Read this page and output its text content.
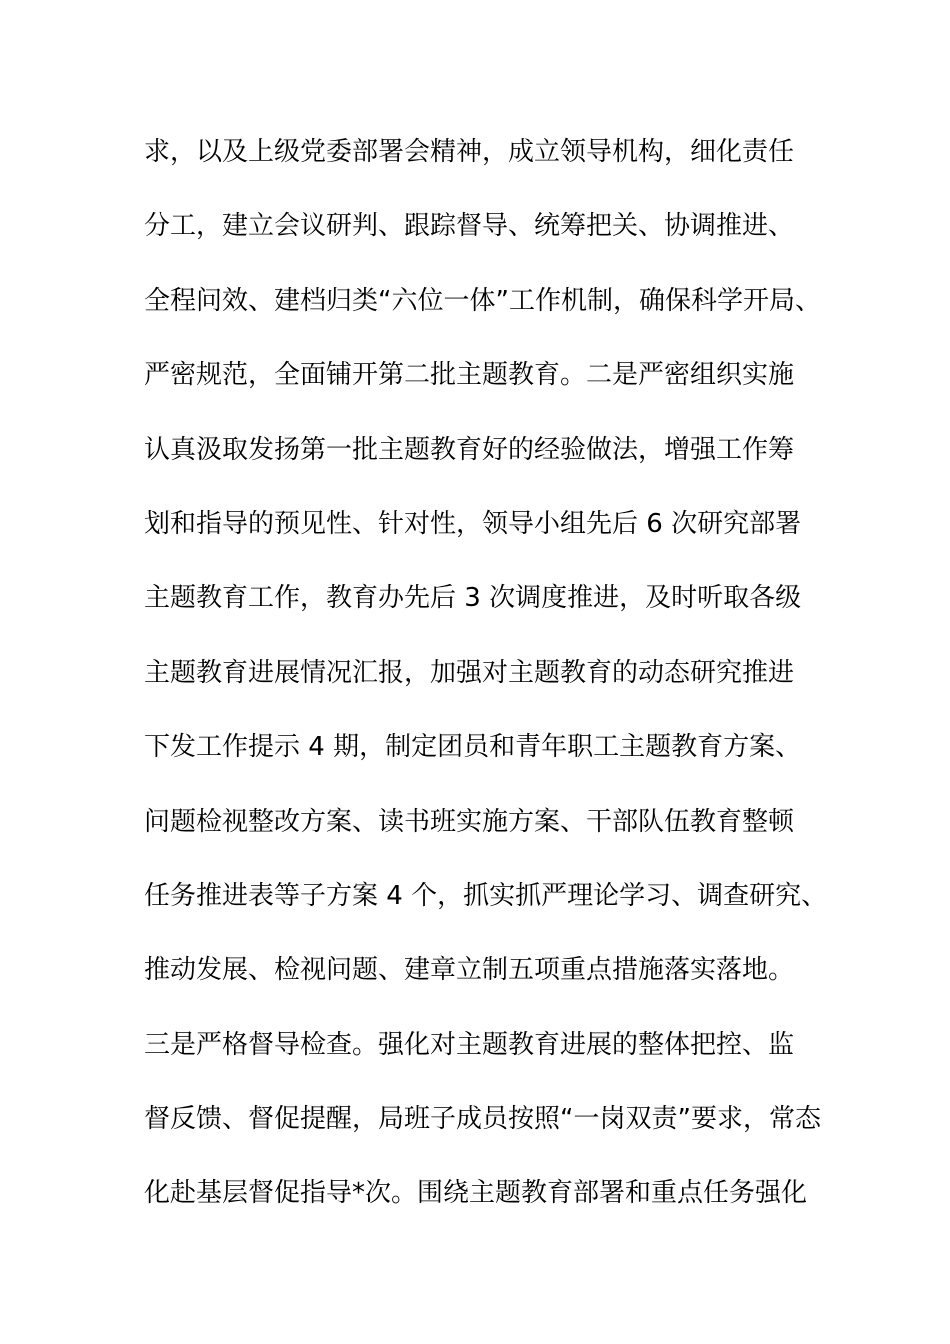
求，以及上级党委部署会精神，成立领导机构，细化责任
分工，建立会议研判、跟踪督导、统筹把关、协调推进、
全程问效、建档归类“六位一体”工作机制，确保科学开局、
严密规范，全面铺开第二批主题教育。二是严密组织实施
认真汲取发扬第一批主题教育好的经验做法，增强工作筹
划和指导的预见性、针对性，领导小组先后 6 次研究部署
主题教育工作，教育办先后 3 次调度推进，及时听取各级
主题教育进展情况汇报，加强对主题教育的动态研究推进
下发工作提示 4 期，制定团员和青年职工主题教育方案、
问题检视整改方案、读书班实施方案、干部队伍教育整顿
任务推进表等子方案 4 个，抓实抓严理论学习、调查研究、
推动发展、检视问题、建章立制五项重点措施落实落地。
三是严格督导检查。强化对主题教育进展的整体把控、监
督反馈、督促提醒，局班子成员按照“一岗双责”要求，常态
化赴基层督促指导*次。围绕主题教育部署和重点任务强化
